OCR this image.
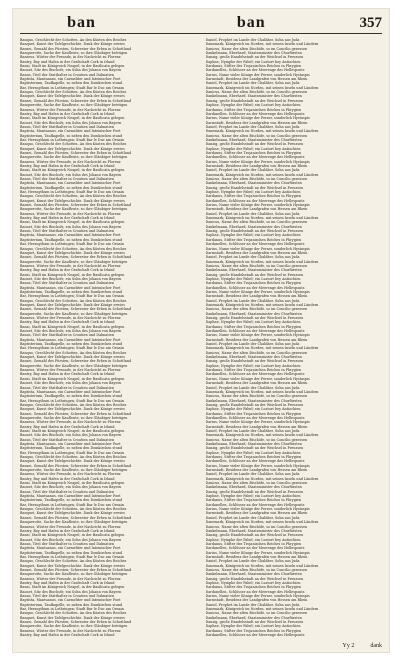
ban	ban	357
Banquo, Geschlecht der Schotten. An den Küsten des Reiches
Banquet, Kunst der Tafelgeschichte. Dank der Könige erwies
Bansei, Gemahl des Fürsten; Schwester der Erben in Schottland
Banquerotte, Sache der Kaufleute, so ihre Gläubiger betrügen
Banseus, Wörter der Freunde, in der Nachricht zu Florenz
Bantry, Bay und Hafen in der Grafschaft Cork in Irland
Banzi, Stadt im Königreich Neapel, in der Basilicata gelegen
Baonet, Sitz des Bischofs; ein Sohn des Johann von Bayern
Banus, Titel der Statthalter in Croatien und Dalmatien
Baptista, Mantuanus, ein Carmeliter und lateinischer Poet
Baptisterium, Taufkapelle, so neben den Domkirchen stund
Bar, Herzogthum in Lothringen; Stadt Bar le Duc am Ornain
Banquo, Geschlecht der Schotten. An den Küsten des Reiches
Banquet, Kunst der Tafelgeschichte. Dank der Könige erwies
Bansei, Gemahl des Fürsten; Schwester der Erben in Schottland
Banquerotte, Sache der Kaufleute, so ihre Gläubiger betrügen
Banseus, Wörter der Freunde, in der Nachricht zu Florenz
Bantry, Bay und Hafen in der Grafschaft Cork in Irland
Banzi, Stadt im Königreich Neapel, in der Basilicata gelegen
Baonet, Sitz des Bischofs; ein Sohn des Johann von Bayern
Banus, Titel der Statthalter in Croatien und Dalmatien
Baptista, Mantuanus, ein Carmeliter und lateinischer Poet
Baptisterium, Taufkapelle, so neben den Domkirchen stund
Bar, Herzogthum in Lothringen; Stadt Bar le Duc am Ornain
Banquo, Geschlecht der Schotten. An den Küsten des Reiches
Banquet, Kunst der Tafelgeschichte. Dank der Könige erwies
Bansei, Gemahl des Fürsten; Schwester der Erben in Schottland
Banquerotte, Sache der Kaufleute, so ihre Gläubiger betrügen
Banseus, Wörter der Freunde, in der Nachricht zu Florenz
Bantry, Bay und Hafen in der Grafschaft Cork in Irland
Banzi, Stadt im Königreich Neapel, in der Basilicata gelegen
Baonet, Sitz des Bischofs; ein Sohn des Johann von Bayern
Banus, Titel der Statthalter in Croatien und Dalmatien
Baptista, Mantuanus, ein Carmeliter und lateinischer Poet
Baptisterium, Taufkapelle, so neben den Domkirchen stund
Bar, Herzogthum in Lothringen; Stadt Bar le Duc am Ornain
Banquo, Geschlecht der Schotten. An den Küsten des Reiches
Banquet, Kunst der Tafelgeschichte. Dank der Könige erwies
Bansei, Gemahl des Fürsten; Schwester der Erben in Schottland
Banquerotte, Sache der Kaufleute, so ihre Gläubiger betrügen
Banseus, Wörter der Freunde, in der Nachricht zu Florenz
Bantry, Bay und Hafen in der Grafschaft Cork in Irland
Banzi, Stadt im Königreich Neapel, in der Basilicata gelegen
Baonet, Sitz des Bischofs; ein Sohn des Johann von Bayern
Banus, Titel der Statthalter in Croatien und Dalmatien
Baptista, Mantuanus, ein Carmeliter und lateinischer Poet
Baptisterium, Taufkapelle, so neben den Domkirchen stund
Bar, Herzogthum in Lothringen; Stadt Bar le Duc am Ornain
Banquo, Geschlecht der Schotten. An den Küsten des Reiches
Banquet, Kunst der Tafelgeschichte. Dank der Könige erwies
Bansei, Gemahl des Fürsten; Schwester der Erben in Schottland
Banquerotte, Sache der Kaufleute, so ihre Gläubiger betrügen
Banseus, Wörter der Freunde, in der Nachricht zu Florenz
Bantry, Bay und Hafen in der Grafschaft Cork in Irland
Banzi, Stadt im Königreich Neapel, in der Basilicata gelegen
Baonet, Sitz des Bischofs; ein Sohn des Johann von Bayern
Banus, Titel der Statthalter in Croatien und Dalmatien
Baptista, Mantuanus, ein Carmeliter und lateinischer Poet
Baptisterium, Taufkapelle, so neben den Domkirchen stund
Bar, Herzogthum in Lothringen; Stadt Bar le Duc am Ornain
Banquo, Geschlecht der Schotten. An den Küsten des Reiches
Banquet, Kunst der Tafelgeschichte. Dank der Könige erwies
Bansei, Gemahl des Fürsten; Schwester der Erben in Schottland
Banquerotte, Sache der Kaufleute, so ihre Gläubiger betrügen
Banseus, Wörter der Freunde, in der Nachricht zu Florenz
Bantry, Bay und Hafen in der Grafschaft Cork in Irland
Banzi, Stadt im Königreich Neapel, in der Basilicata gelegen
Baonet, Sitz des Bischofs; ein Sohn des Johann von Bayern
Banus, Titel der Statthalter in Croatien und Dalmatien
Baptista, Mantuanus, ein Carmeliter und lateinischer Poet
Baptisterium, Taufkapelle, so neben den Domkirchen stund
Bar, Herzogthum in Lothringen; Stadt Bar le Duc am Ornain
Banquo, Geschlecht der Schotten. An den Küsten des Reiches
Banquet, Kunst der Tafelgeschichte. Dank der Könige erwies
Bansei, Gemahl des Fürsten; Schwester der Erben in Schottland
Banquerotte, Sache der Kaufleute, so ihre Gläubiger betrügen
Banseus, Wörter der Freunde, in der Nachricht zu Florenz
Bantry, Bay und Hafen in der Grafschaft Cork in Irland
Banzi, Stadt im Königreich Neapel, in der Basilicata gelegen
Baonet, Sitz des Bischofs; ein Sohn des Johann von Bayern
Banus, Titel der Statthalter in Croatien und Dalmatien
Baptista, Mantuanus, ein Carmeliter und lateinischer Poet
Baptisterium, Taufkapelle, so neben den Domkirchen stund
Bar, Herzogthum in Lothringen; Stadt Bar le Duc am Ornain
Banquo, Geschlecht der Schotten. An den Küsten des Reiches
Banquet, Kunst der Tafelgeschichte. Dank der Könige erwies
Bansei, Gemahl des Fürsten; Schwester der Erben in Schottland
Banquerotte, Sache der Kaufleute, so ihre Gläubiger betrügen
Banseus, Wörter der Freunde, in der Nachricht zu Florenz
Bantry, Bay und Hafen in der Grafschaft Cork in Irland
Banzi, Stadt im Königreich Neapel, in der Basilicata gelegen
Baonet, Sitz des Bischofs; ein Sohn des Johann von Bayern
Banus, Titel der Statthalter in Croatien und Dalmatien
Baptista, Mantuanus, ein Carmeliter und lateinischer Poet
Baptisterium, Taufkapelle, so neben den Domkirchen stund
Bar, Herzogthum in Lothringen; Stadt Bar le Duc am Ornain
Banquo, Geschlecht der Schotten. An den Küsten des Reiches
Banquet, Kunst der Tafelgeschichte. Dank der Könige erwies
Bansei, Gemahl des Fürsten; Schwester der Erben in Schottland
Banquerotte, Sache der Kaufleute, so ihre Gläubiger betrügen
Banseus, Wörter der Freunde, in der Nachricht zu Florenz
Bantry, Bay und Hafen in der Grafschaft Cork in Irland
Banzi, Stadt im Königreich Neapel, in der Basilicata gelegen
Baonet, Sitz des Bischofs; ein Sohn des Johann von Bayern
Banus, Titel der Statthalter in Croatien und Dalmatien
Baptista, Mantuanus, ein Carmeliter und lateinischer Poet
Baptisterium, Taufkapelle, so neben den Domkirchen stund
Bar, Herzogthum in Lothringen; Stadt Bar le Duc am Ornain
Banquo, Geschlecht der Schotten. An den Küsten des Reiches
Banquet, Kunst der Tafelgeschichte. Dank der Könige erwies
Bansei, Gemahl des Fürsten; Schwester der Erben in Schottland
Banquerotte, Sache der Kaufleute, so ihre Gläubiger betrügen
Banseus, Wörter der Freunde, in der Nachricht zu Florenz
Bantry, Bay und Hafen in der Grafschaft Cork in Irland
Banzi, Stadt im Königreich Neapel, in der Basilicata gelegen
Baonet, Sitz des Bischofs; ein Sohn des Johann von Bayern
Banus, Titel der Statthalter in Croatien und Dalmatien
Baptista, Mantuanus, ein Carmeliter und lateinischer Poet
Baptisterium, Taufkapelle, so neben den Domkirchen stund
Bar, Herzogthum in Lothringen; Stadt Bar le Duc am Ornain
Banquo, Geschlecht der Schotten. An den Küsten des Reiches
Banquet, Kunst der Tafelgeschichte. Dank der Könige erwies
Bansei, Gemahl des Fürsten; Schwester der Erben in Schottland
Banquerotte, Sache der Kaufleute, so ihre Gläubiger betrügen
Banseus, Wörter der Freunde, in der Nachricht zu Florenz
Bantry, Bay und Hafen in der Grafschaft Cork in Irland
Banzi, Stadt im Königreich Neapel, in der Basilicata gelegen
Baonet, Sitz des Bischofs; ein Sohn des Johann von Bayern
Banus, Titel der Statthalter in Croatien und Dalmatien
Baptista, Mantuanus, ein Carmeliter und lateinischer Poet
Baptisterium, Taufkapelle, so neben den Domkirchen stund
Bar, Herzogthum in Lothringen; Stadt Bar le Duc am Ornain
Banquo, Geschlecht der Schotten. An den Küsten des Reiches
Banquet, Kunst der Tafelgeschichte. Dank der Könige erwies
Bansei, Gemahl des Fürsten; Schwester der Erben in Schottland
Banquerotte, Sache der Kaufleute, so ihre Gläubiger betrügen
Banseus, Wörter der Freunde, in der Nachricht zu Florenz
Bantry, Bay und Hafen in der Grafschaft Cork in Irland
Daniel, Prophet im Lande der Chaldäer, Sohn aus Juda
Danemark, Königreich im Norden, mit seinen Inseln und Ländern
Danicus, Name der alten Bischöfe, so im Concilio gesessen
Dankelmann, Eberhard, Staatsminister des Churfürsten
Danzig, große Handelsstadt an der Weichsel in Preussen
Daphne, Nymphe der Fabel; ein Lustort bey Antiochien
Dardanus, Stifter des Trojanischen Reiches in Phrygien
Dardanellen, Schlösser an der Meerenge des Hellesponts
Darius, Name vieler Könige der Perser, sonderlich Hystaspis
Darmstadt, Residenz der Landgrafen von Hessen am Rhein
Daniel, Prophet im Lande der Chaldäer, Sohn aus Juda
Danemark, Königreich im Norden, mit seinen Inseln und Ländern
Danicus, Name der alten Bischöfe, so im Concilio gesessen
Dankelmann, Eberhard, Staatsminister des Churfürsten
Danzig, große Handelsstadt an der Weichsel in Preussen
Daphne, Nymphe der Fabel; ein Lustort bey Antiochien
Dardanus, Stifter des Trojanischen Reiches in Phrygien
Dardanellen, Schlösser an der Meerenge des Hellesponts
Darius, Name vieler Könige der Perser, sonderlich Hystaspis
Darmstadt, Residenz der Landgrafen von Hessen am Rhein
Daniel, Prophet im Lande der Chaldäer, Sohn aus Juda
Danemark, Königreich im Norden, mit seinen Inseln und Ländern
Danicus, Name der alten Bischöfe, so im Concilio gesessen
Dankelmann, Eberhard, Staatsminister des Churfürsten
Danzig, große Handelsstadt an der Weichsel in Preussen
Daphne, Nymphe der Fabel; ein Lustort bey Antiochien
Dardanus, Stifter des Trojanischen Reiches in Phrygien
Dardanellen, Schlösser an der Meerenge des Hellesponts
Darius, Name vieler Könige der Perser, sonderlich Hystaspis
Darmstadt, Residenz der Landgrafen von Hessen am Rhein
Daniel, Prophet im Lande der Chaldäer, Sohn aus Juda
Danemark, Königreich im Norden, mit seinen Inseln und Ländern
Danicus, Name der alten Bischöfe, so im Concilio gesessen
Dankelmann, Eberhard, Staatsminister des Churfürsten
Danzig, große Handelsstadt an der Weichsel in Preussen
Daphne, Nymphe der Fabel; ein Lustort bey Antiochien
Dardanus, Stifter des Trojanischen Reiches in Phrygien
Dardanellen, Schlösser an der Meerenge des Hellesponts
Darius, Name vieler Könige der Perser, sonderlich Hystaspis
Darmstadt, Residenz der Landgrafen von Hessen am Rhein
Daniel, Prophet im Lande der Chaldäer, Sohn aus Juda
Danemark, Königreich im Norden, mit seinen Inseln und Ländern
Danicus, Name der alten Bischöfe, so im Concilio gesessen
Dankelmann, Eberhard, Staatsminister des Churfürsten
Danzig, große Handelsstadt an der Weichsel in Preussen
Daphne, Nymphe der Fabel; ein Lustort bey Antiochien
Dardanus, Stifter des Trojanischen Reiches in Phrygien
Dardanellen, Schlösser an der Meerenge des Hellesponts
Darius, Name vieler Könige der Perser, sonderlich Hystaspis
Darmstadt, Residenz der Landgrafen von Hessen am Rhein
Daniel, Prophet im Lande der Chaldäer, Sohn aus Juda
Danemark, Königreich im Norden, mit seinen Inseln und Ländern
Danicus, Name der alten Bischöfe, so im Concilio gesessen
Dankelmann, Eberhard, Staatsminister des Churfürsten
Danzig, große Handelsstadt an der Weichsel in Preussen
Daphne, Nymphe der Fabel; ein Lustort bey Antiochien
Dardanus, Stifter des Trojanischen Reiches in Phrygien
Dardanellen, Schlösser an der Meerenge des Hellesponts
Darius, Name vieler Könige der Perser, sonderlich Hystaspis
Darmstadt, Residenz der Landgrafen von Hessen am Rhein
Daniel, Prophet im Lande der Chaldäer, Sohn aus Juda
Danemark, Königreich im Norden, mit seinen Inseln und Ländern
Danicus, Name der alten Bischöfe, so im Concilio gesessen
Dankelmann, Eberhard, Staatsminister des Churfürsten
Danzig, große Handelsstadt an der Weichsel in Preussen
Daphne, Nymphe der Fabel; ein Lustort bey Antiochien
Dardanus, Stifter des Trojanischen Reiches in Phrygien
Dardanellen, Schlösser an der Meerenge des Hellesponts
Darius, Name vieler Könige der Perser, sonderlich Hystaspis
Darmstadt, Residenz der Landgrafen von Hessen am Rhein
Daniel, Prophet im Lande der Chaldäer, Sohn aus Juda
Danemark, Königreich im Norden, mit seinen Inseln und Ländern
Danicus, Name der alten Bischöfe, so im Concilio gesessen
Dankelmann, Eberhard, Staatsminister des Churfürsten
Danzig, große Handelsstadt an der Weichsel in Preussen
Daphne, Nymphe der Fabel; ein Lustort bey Antiochien
Dardanus, Stifter des Trojanischen Reiches in Phrygien
Dardanellen, Schlösser an der Meerenge des Hellesponts
Darius, Name vieler Könige der Perser, sonderlich Hystaspis
Darmstadt, Residenz der Landgrafen von Hessen am Rhein
Daniel, Prophet im Lande der Chaldäer, Sohn aus Juda
Danemark, Königreich im Norden, mit seinen Inseln und Ländern
Danicus, Name der alten Bischöfe, so im Concilio gesessen
Dankelmann, Eberhard, Staatsminister des Churfürsten
Danzig, große Handelsstadt an der Weichsel in Preussen
Daphne, Nymphe der Fabel; ein Lustort bey Antiochien
Dardanus, Stifter des Trojanischen Reiches in Phrygien
Dardanellen, Schlösser an der Meerenge des Hellesponts
Darius, Name vieler Könige der Perser, sonderlich Hystaspis
Darmstadt, Residenz der Landgrafen von Hessen am Rhein
Daniel, Prophet im Lande der Chaldäer, Sohn aus Juda
Danemark, Königreich im Norden, mit seinen Inseln und Ländern
Danicus, Name der alten Bischöfe, so im Concilio gesessen
Dankelmann, Eberhard, Staatsminister des Churfürsten
Danzig, große Handelsstadt an der Weichsel in Preussen
Daphne, Nymphe der Fabel; ein Lustort bey Antiochien
Dardanus, Stifter des Trojanischen Reiches in Phrygien
Dardanellen, Schlösser an der Meerenge des Hellesponts
Darius, Name vieler Könige der Perser, sonderlich Hystaspis
Darmstadt, Residenz der Landgrafen von Hessen am Rhein
Daniel, Prophet im Lande der Chaldäer, Sohn aus Juda
Danemark, Königreich im Norden, mit seinen Inseln und Ländern
Danicus, Name der alten Bischöfe, so im Concilio gesessen
Dankelmann, Eberhard, Staatsminister des Churfürsten
Danzig, große Handelsstadt an der Weichsel in Preussen
Daphne, Nymphe der Fabel; ein Lustort bey Antiochien
Dardanus, Stifter des Trojanischen Reiches in Phrygien
Dardanellen, Schlösser an der Meerenge des Hellesponts
Darius, Name vieler Könige der Perser, sonderlich Hystaspis
Darmstadt, Residenz der Landgrafen von Hessen am Rhein
Daniel, Prophet im Lande der Chaldäer, Sohn aus Juda
Danemark, Königreich im Norden, mit seinen Inseln und Ländern
Danicus, Name der alten Bischöfe, so im Concilio gesessen
Dankelmann, Eberhard, Staatsminister des Churfürsten
Danzig, große Handelsstadt an der Weichsel in Preussen
Daphne, Nymphe der Fabel; ein Lustort bey Antiochien
Dardanus, Stifter des Trojanischen Reiches in Phrygien
Dardanellen, Schlösser an der Meerenge des Hellesponts
Darius, Name vieler Könige der Perser, sonderlich Hystaspis
Darmstadt, Residenz der Landgrafen von Hessen am Rhein
Daniel, Prophet im Lande der Chaldäer, Sohn aus Juda
Danemark, Königreich im Norden, mit seinen Inseln und Ländern
Danicus, Name der alten Bischöfe, so im Concilio gesessen
Dankelmann, Eberhard, Staatsminister des Churfürsten
Danzig, große Handelsstadt an der Weichsel in Preussen
Daphne, Nymphe der Fabel; ein Lustort bey Antiochien
Dardanus, Stifter des Trojanischen Reiches in Phrygien
Dardanellen, Schlösser an der Meerenge des Hellesponts
Darius, Name vieler Könige der Perser, sonderlich Hystaspis
Darmstadt, Residenz der Landgrafen von Hessen am Rhein
Daniel, Prophet im Lande der Chaldäer, Sohn aus Juda
Danemark, Königreich im Norden, mit seinen Inseln und Ländern
Danicus, Name der alten Bischöfe, so im Concilio gesessen
Dankelmann, Eberhard, Staatsminister des Churfürsten
Danzig, große Handelsstadt an der Weichsel in Preussen
Daphne, Nymphe der Fabel; ein Lustort bey Antiochien
Dardanus, Stifter des Trojanischen Reiches in Phrygien
Dardanellen, Schlösser an der Meerenge des Hellesponts
Yy 2	dank
